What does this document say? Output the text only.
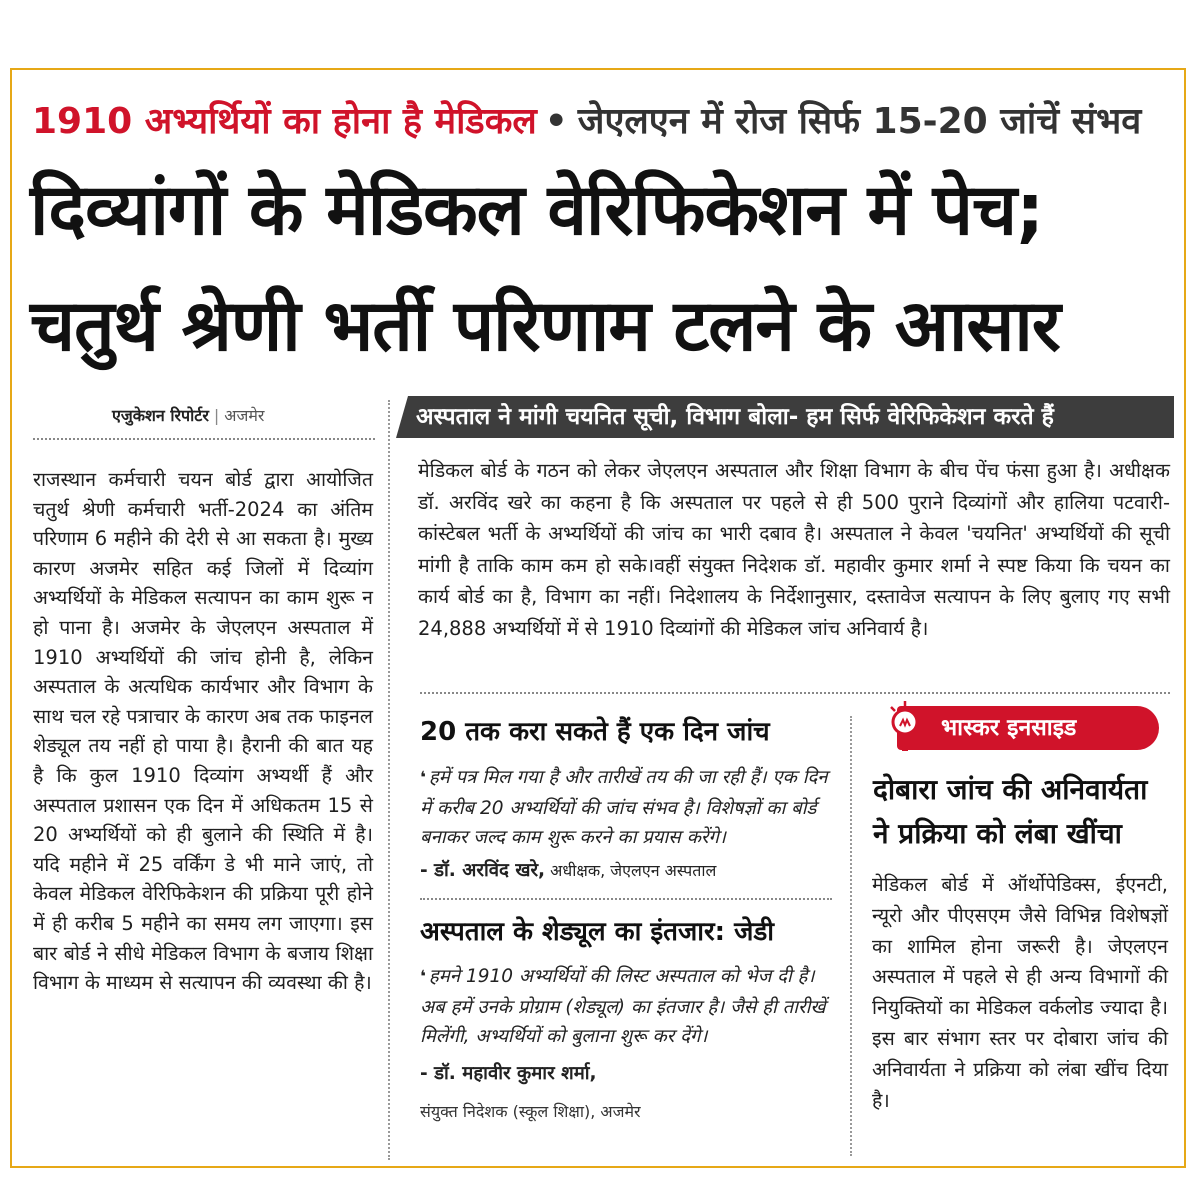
1910 अभ्यर्थियों का होना है मेडिकल • जेएलएन में रोज सिर्फ 15-20 जांचें संभव
दिव्यांगों के मेडिकल वेरिफिकेशन में पेच;
चतुर्थ श्रेणी भर्ती परिणाम टलने के आसार
एजुकेशन रिपोर्टर | अजमेर
राजस्थान कर्मचारी चयन बोर्ड द्वारा आयोजित चतुर्थ श्रेणी कर्मचारी भर्ती-2024 का अंतिम परिणाम 6 महीने की देरी से आ सकता है। मुख्य कारण अजमेर सहित कई जिलों में दिव्यांग अभ्यर्थियों के मेडिकल सत्यापन का काम शुरू न हो पाना है। अजमेर के जेएलएन अस्पताल में 1910 अभ्यर्थियों की जांच होनी है, लेकिन अस्पताल के अत्यधिक कार्यभार और विभाग के साथ चल रहे पत्राचार के कारण अब तक फाइनल शेड्यूल तय नहीं हो पाया है। हैरानी की बात यह है कि कुल 1910 दिव्यांग अभ्यर्थी हैं और अस्पताल प्रशासन एक दिन में अधिकतम 15 से 20 अभ्यर्थियों को ही बुलाने की स्थिति में है। यदि महीने में 25 वर्किंग डे भी माने जाएं, तो केवल मेडिकल वेरिफिकेशन की प्रक्रिया पूरी होने में ही करीब 5 महीने का समय लग जाएगा। इस बार बोर्ड ने सीधे मेडिकल विभाग के बजाय शिक्षा विभाग के माध्यम से सत्यापन की व्यवस्था की है।
अस्पताल ने मांगी चयनित सूची, विभाग बोला- हम सिर्फ वेरिफिकेशन करते हैं
मेडिकल बोर्ड के गठन को लेकर जेएलएन अस्पताल और शिक्षा विभाग के बीच पेंच फंसा हुआ है। अधीक्षक डॉ. अरविंद खरे का कहना है कि अस्पताल पर पहले से ही 500 पुराने दिव्यांगों और हालिया पटवारी-कांस्टेबल भर्ती के अभ्यर्थियों की जांच का भारी दबाव है। अस्पताल ने केवल 'चयनित' अभ्यर्थियों की सूची मांगी है ताकि काम कम हो सके।वहीं संयुक्त निदेशक डॉ. महावीर कुमार शर्मा ने स्पष्ट किया कि चयन का कार्य बोर्ड का है, विभाग का नहीं। निदेशालय के निर्देशानुसार, दस्तावेज सत्यापन के लिए बुलाए गए सभी 24,888 अभ्यर्थियों में से 1910 दिव्यांगों की मेडिकल जांच अनिवार्य है।
20 तक करा सकते हैं एक दिन जांच
❛ हमें पत्र मिल गया है और तारीखें तय की जा रही हैं। एक दिन में करीब 20 अभ्यर्थियों की जांच संभव है। विशेषज्ञों का बोर्ड बनाकर जल्द काम शुरू करने का प्रयास करेंगे।
- डॉ. अरविंद खरे, अधीक्षक, जेएलएन अस्पताल
अस्पताल के शेड्यूल का इंतजार: जेडी
❛ हमने 1910 अभ्यर्थियों की लिस्ट अस्पताल को भेज दी है। अब हमें उनके प्रोग्राम (शेड्यूल) का इंतजार है। जैसे ही तारीखें मिलेंगी, अभ्यर्थियों को बुलाना शुरू कर देंगे।
- डॉ. महावीर कुमार शर्मा,
संयुक्त निदेशक (स्कूल शिक्षा), अजमेर
भास्कर इनसाइड
दोबारा जांच की अनिवार्यता ने प्रक्रिया को लंबा खींचा
मेडिकल बोर्ड में ऑर्थोपेडिक्स, ईएनटी, न्यूरो और पीएसएम जैसे विभिन्न विशेषज्ञों का शामिल होना जरूरी है। जेएलएन अस्पताल में पहले से ही अन्य विभागों की नियुक्तियों का मेडिकल वर्कलोड ज्यादा है। इस बार संभाग स्तर पर दोबारा जांच की अनिवार्यता ने प्रक्रिया को लंबा खींच दिया है।
